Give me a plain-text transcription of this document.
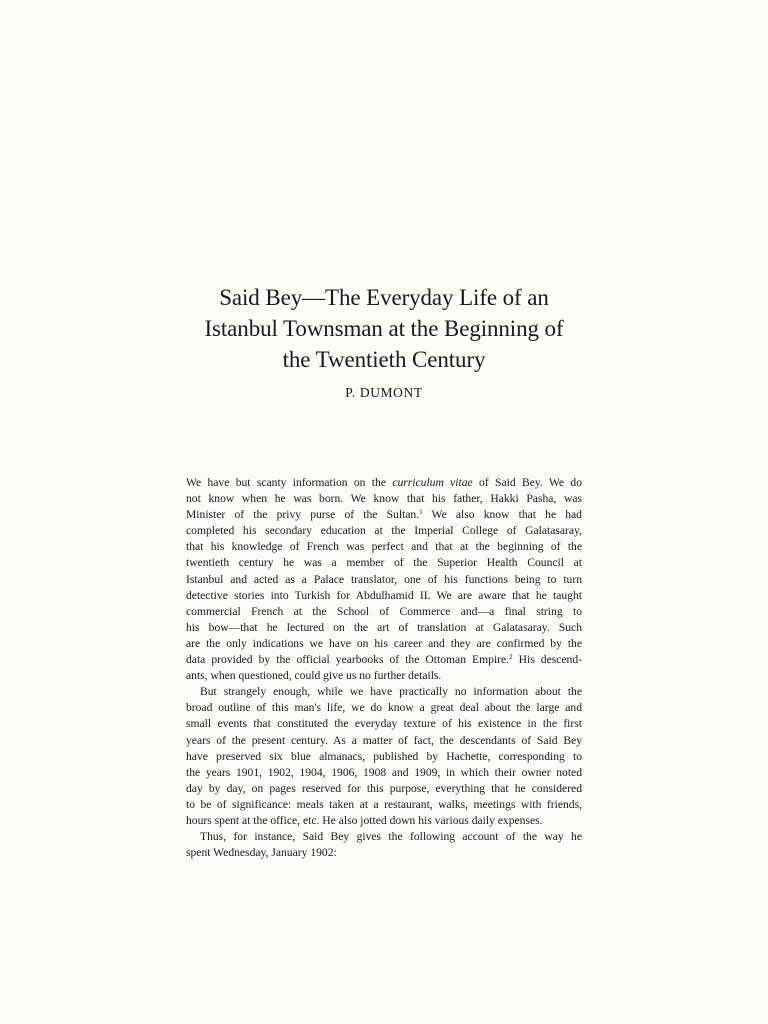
Said Bey—The Everyday Life of an
Istanbul Townsman at the Beginning of
the Twentieth Century

P. DUMONT

We have but scanty information on the curriculum vitae of Said Bey. We do
not know when he was born. We know that his father, Hakki Pasha, was
Minister of the privy purse of the Sultan.$^1$ We also know that he had
completed his secondary education at the Imperial College of Galatasaray,
that his knowledge of French was perfect and that at the beginning of the
twentieth century he was a member of the Superior Health Council at
Istanbul and acted as a Palace translator, one of his functions being to turn
detective stories into Turkish for Abdulhamid II. We are aware that he taught
commercial French at the School of Commerce and—a final string to
his bow—that he lectured on the art of translation at Galatasaray. Such
are the only indications we have on his career and they are confirmed by the
data provided by the official yearbooks of the Ottoman Empire.$^2$ His descend-
ants, when questioned, could give us no further details.
But strangely enough, while we have practically no information about the
broad outline of this man's life, we do know a great deal about the large and
small events that constituted the everyday texture of his existence in the first
years of the present century. As a matter of fact, the descendants of Said Bey
have preserved six blue almanacs, published by Hachette, corresponding to
the years 1901, 1902, 1904, 1906, 1908 and 1909, in which their owner noted
day by day, on pages reserved for this purpose, everything that he considered
to be of significance: meals taken at a restaurant, walks, meetings with friends,
hours spent at the office, etc. He also jotted down his various daily expenses.
Thus, for instance, Said Bey gives the following account of the way he
spent Wednesday, January 1902:
